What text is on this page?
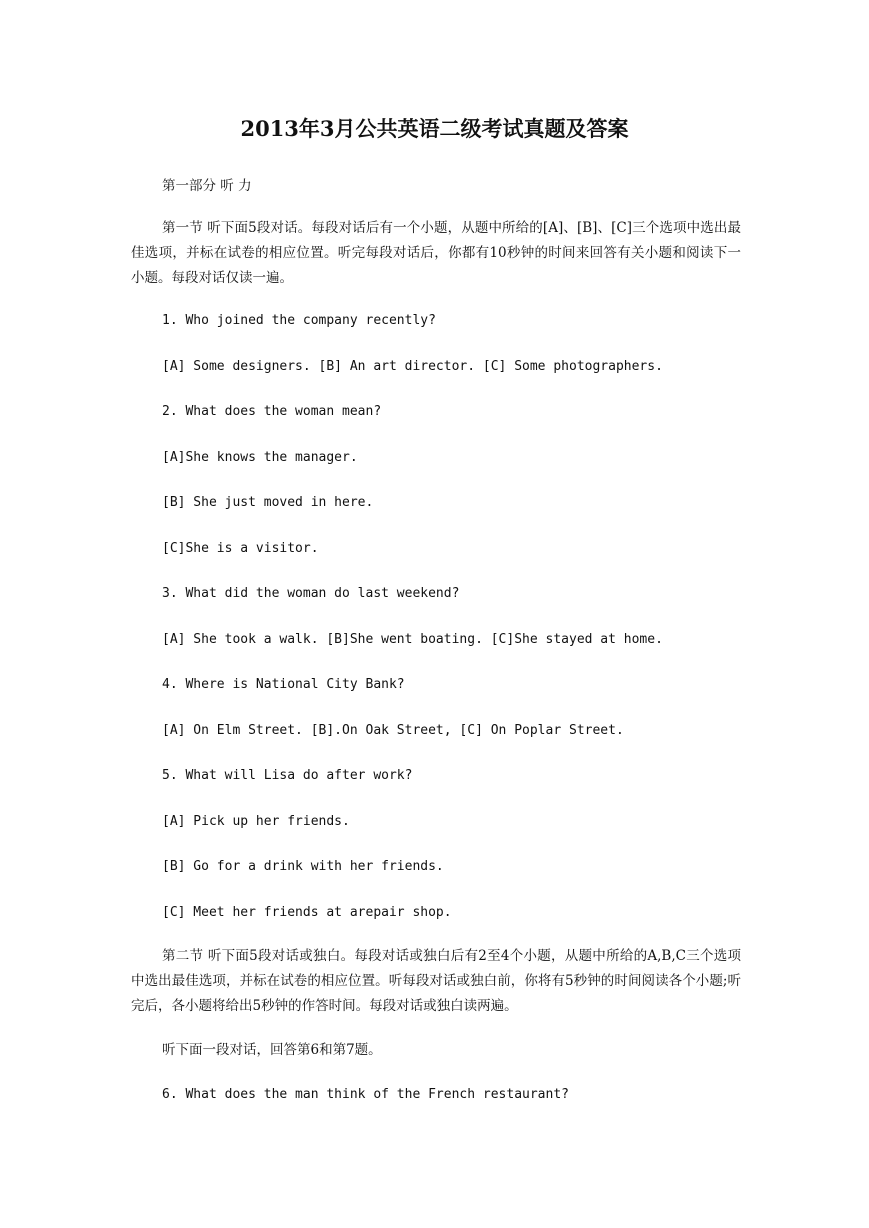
2013年3月公共英语二级考试真题及答案
第一部分 听 力
第一节 听下面5段对话。每段对话后有一个小题，从题中所给的[A]、[B]、[C]三个选项中选出最佳选项，并标在试卷的相应位置。听完每段对话后，你都有10秒钟的时间来回答有关小题和阅读下一小题。每段对话仅读一遍。
1. Who joined the company recently?
[A] Some designers. [B] An art director. [C] Some photographers.
2. What does the woman mean?
[A]She knows the manager.
[B] She just moved in here.
[C]She is a visitor.
3. What did the woman do last weekend?
[A] She took a walk. [B]She went boating. [C]She stayed at home.
4. Where is National City Bank?
[A] On Elm Street. [B].On Oak Street, [C] On Poplar Street.
5. What will Lisa do after work?
[A] Pick up her friends.
[B] Go for a drink with her friends.
[C] Meet her friends at arepair shop.
第二节 听下面5段对话或独白。每段对话或独白后有2至4个小题，从题中所给的A,B,C三个选项中选出最佳选项，并标在试卷的相应位置。听每段对话或独白前，你将有5秒钟的时间阅读各个小题;听完后，各小题将给出5秒钟的作答时间。每段对话或独白读两遍。
听下面一段对话，回答第6和第7题。
6. What does the man think of the French restaurant?
